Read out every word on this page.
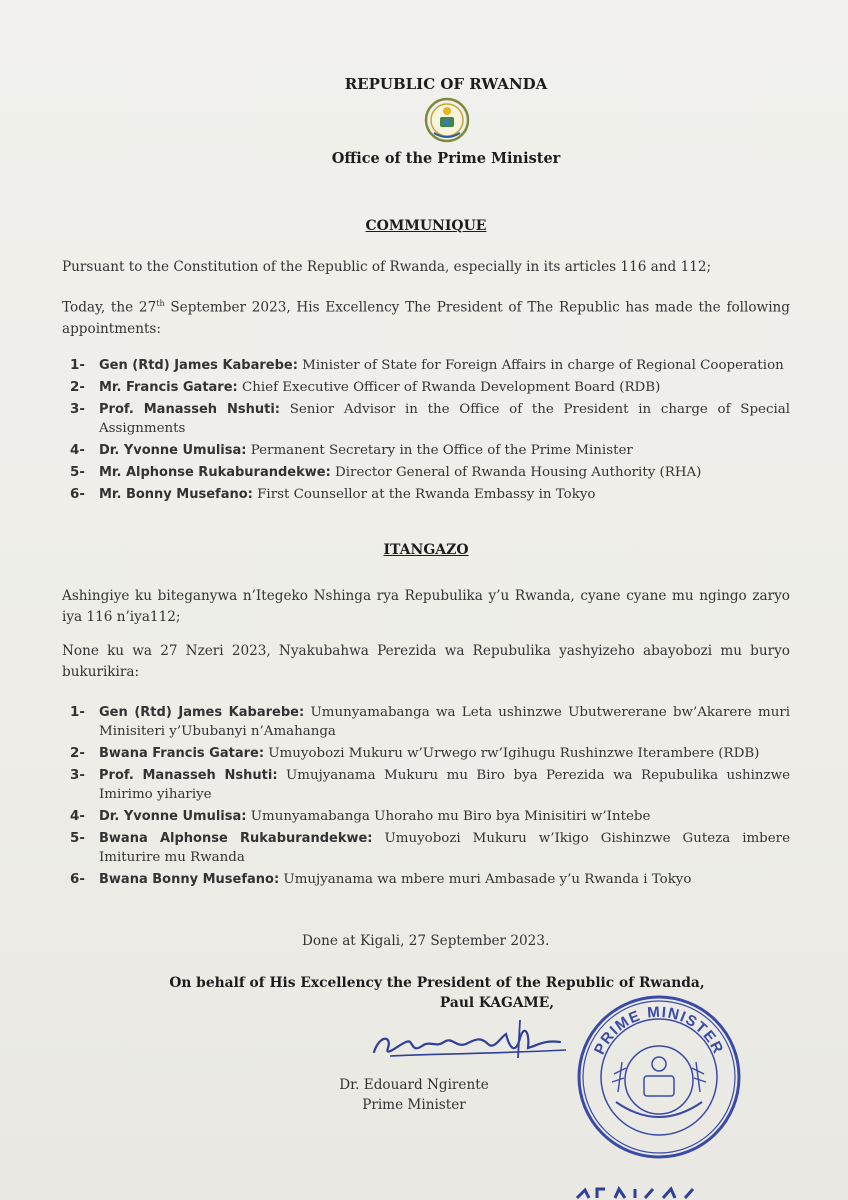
REPUBLIC OF RWANDA
Office of the Prime Minister
COMMUNIQUE
Pursuant to the Constitution of the Republic of Rwanda, especially in its articles 116 and 112;
Today, the 27th September 2023, His Excellency The President of The Republic has made the following appointments:
1-	Gen (Rtd) James Kabarebe: Minister of State for Foreign Affairs in charge of Regional Cooperation
2-	Mr. Francis Gatare: Chief Executive Officer of Rwanda Development Board (RDB)
3-	Prof. Manasseh Nshuti: Senior Advisor in the Office of the President in charge of Special Assignments
4-	Dr. Yvonne Umulisa: Permanent Secretary in the Office of the Prime Minister
5-	Mr. Alphonse Rukaburandekwe: Director General of Rwanda Housing Authority (RHA)
6-	Mr. Bonny Musefano: First Counsellor at the Rwanda Embassy in Tokyo
ITANGAZO
Ashingiye ku biteganywa n’Itegeko Nshinga rya Repubulika y’u Rwanda, cyane cyane mu ngingo zaryo iya 116 n’iya112;
None ku wa 27 Nzeri 2023, Nyakubahwa Perezida wa Repubulika yashyizeho abayobozi mu buryo bukurikira:
1-	Gen (Rtd) James Kabarebe: Umunyamabanga wa Leta ushinzwe Ubutwererane bw’Akarere muri Minisiteri y’Ububanyi n’Amahanga
2-	Bwana Francis Gatare: Umuyobozi Mukuru w’Urwego rw’Igihugu Rushinzwe Iterambere (RDB)
3-	Prof. Manasseh Nshuti: Umujyanama Mukuru mu Biro bya Perezida wa Repubulika ushinzwe Imirimo yihariye
4-	Dr. Yvonne Umulisa: Umunyamabanga Uhoraho mu Biro bya Minisitiri w’Intebe
5-	Bwana Alphonse Rukaburandekwe: Umuyobozi Mukuru w’Ikigo Gishinzwe Guteza imbere Imiturire mu Rwanda
6-	Bwana Bonny Musefano: Umujyanama wa mbere muri Ambasade y’u Rwanda i Tokyo
Done at Kigali, 27 September 2023.
On behalf of His Excellency the President of the Republic of Rwanda,
Paul KAGAME,
Dr. Edouard Ngirente
Prime Minister
PRIME MINISTER
